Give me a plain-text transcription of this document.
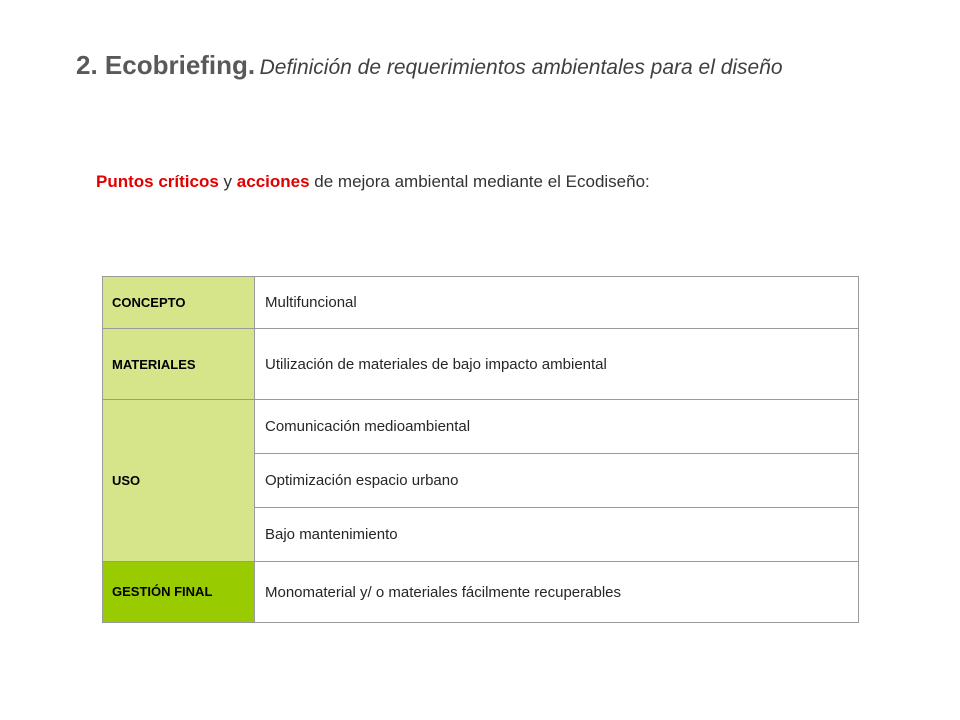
2. Ecobriefing. Definición de requerimientos ambientales para el diseño
Puntos críticos y acciones de mejora ambiental mediante el Ecodiseño:
CONCEPTO	Multifuncional
MATERIALES	Utilización de materiales de bajo impacto ambiental
USO	Comunicación medioambiental
	Optimización espacio urbano
	Bajo mantenimiento
GESTIÓN FINAL	Monomaterial y/ o materiales fácilmente recuperables
